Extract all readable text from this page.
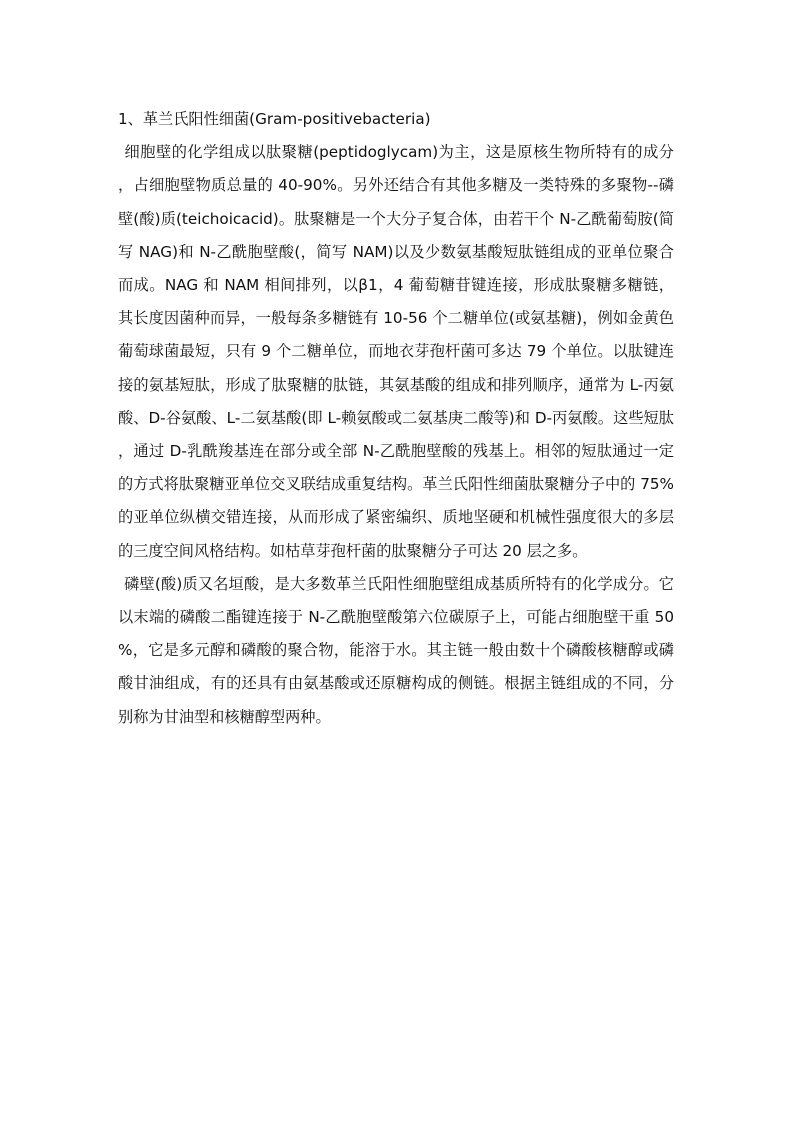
1、革兰氏阳性细菌(Gram-positivebacteria)

细胞壁的化学组成以肽聚糖(peptidoglycam)为主，这是原核生物所特有的成分，占细胞壁物质总量的 40-90%。另外还结合有其他多糖及一类特殊的多聚物--磷壁(酸)质(teichoicacid)。肽聚糖是一个大分子复合体，由若干个 N-乙酰葡萄胺(简写 NAG)和 N-乙酰胞壁酸(，简写 NAM)以及少数氨基酸短肽链组成的亚单位聚合而成。NAG 和 NAM 相间排列，以β1，4 葡萄糖苷键连接，形成肽聚糖多糖链，其长度因菌种而异，一般每条多糖链有 10-56 个二糖单位(或氨基糖)，例如金黄色葡萄球菌最短，只有 9 个二糖单位，而地衣芽孢杆菌可多达 79 个单位。以肽键连接的氨基短肽，形成了肽聚糖的肽链，其氨基酸的组成和排列顺序，通常为 L-丙氨酸、D-谷氨酸、L-二氨基酸(即 L-赖氨酸或二氨基庚二酸等)和 D-丙氨酸。这些短肽，通过 D-乳酰羧基连在部分或全部 N-乙酰胞壁酸的残基上。相邻的短肽通过一定的方式将肽聚糖亚单位交叉联结成重复结构。革兰氏阳性细菌肽聚糖分子中的 75%的亚单位纵横交错连接，从而形成了紧密编织、质地坚硬和机械性强度很大的多层的三度空间风格结构。如枯草芽孢杆菌的肽聚糖分子可达 20 层之多。

磷壁(酸)质又名垣酸，是大多数革兰氏阳性细胞壁组成基质所特有的化学成分。它以末端的磷酸二酯键连接于 N-乙酰胞壁酸第六位碳原子上，可能占细胞壁干重 50%，它是多元醇和磷酸的聚合物，能溶于水。其主链一般由数十个磷酸核糖醇或磷酸甘油组成，有的还具有由氨基酸或还原糖构成的侧链。根据主链组成的不同，分别称为甘油型和核糖醇型两种。
